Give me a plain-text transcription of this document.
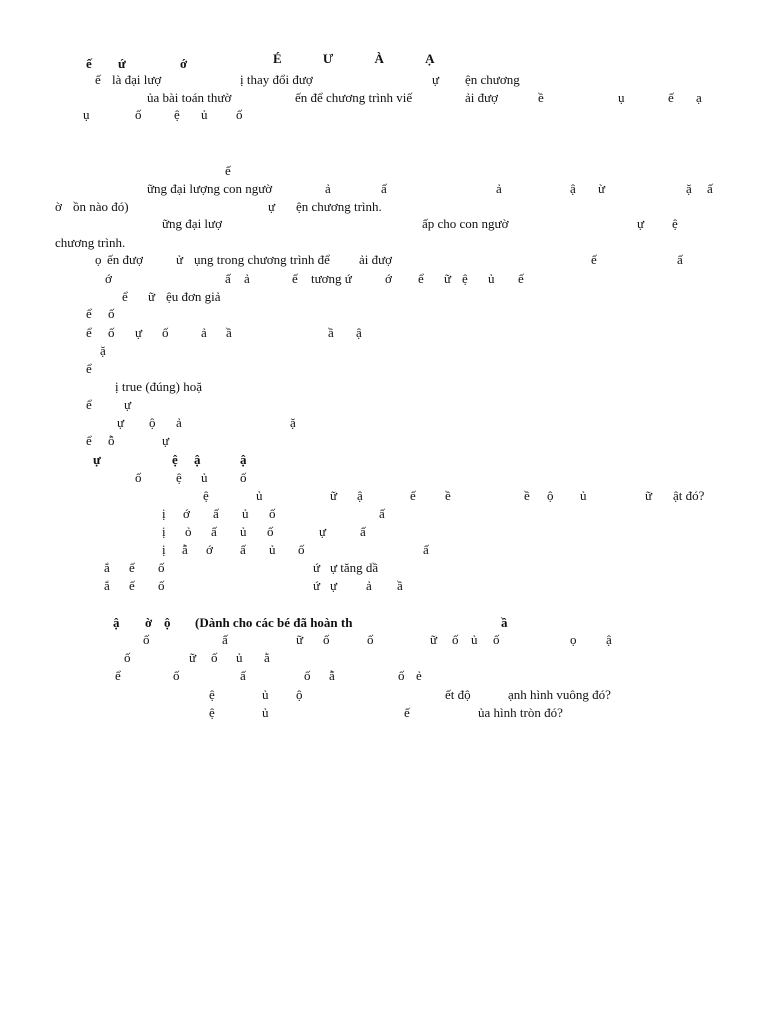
É Ư À Ạ

ế ứ	ớ
ế là đại lượ	ị thay đổi đượ	ự ện chương
ủa bài toán thườ	ến để chương trình viế	ải đượ	ề	ụ	ế ạ
ụ	ố	ệ ủ ố
ế
ững đại lượng con ngườ	ả	ấ	ả	ậ ừ	ặ ấ
ờ ồn nào đó)	ự ện chương trình.
ững đại lượ	ấp cho con ngườ	ự ệ
chương trình.
ọ ến đượ	ử ụng trong chương trình để ải đượ	ế	ấ
ớ	ấ ả	ế tương ứ	ớ ể ữ ệ ủ ế
ể ữ ệu đơn giả
ể ố
ể ố ự ố	ả ầ	ầ ậ
ặ
ể
ị true (đúng) hoặ
ể ự
ự ộ ả	ặ
ể ỗ	ự
ự	ệ ậ	ậ
ố	ệ ủ	ố
ệ	ủ	ữ ậ	ế ề	ề ộ ủ	ữ ật đó?
ị ớ ấ ủ ố	ấ
ị ỏ ấ ủ ố	ự	ấ
ị ẫ ớ ấ ủ ố	ấ
ắ ế ố	ứ ự tăng dầ
ắ ế ố	ứ ự ả ầ
ậ ờ ộ (Dành cho các bé đã hoàn th	ầ
ố	ấ	ữ ố	ố	ữ ố ủ ố	ọ ậ
ố	ữ ố ủ ằ
ể	ố	ấ	ố ẫ	ố ẻ
ệ	ủ ộ	ết độ	ạnh hình vuông đó?
ệ	ủ	ế	ủa hình tròn đó?
